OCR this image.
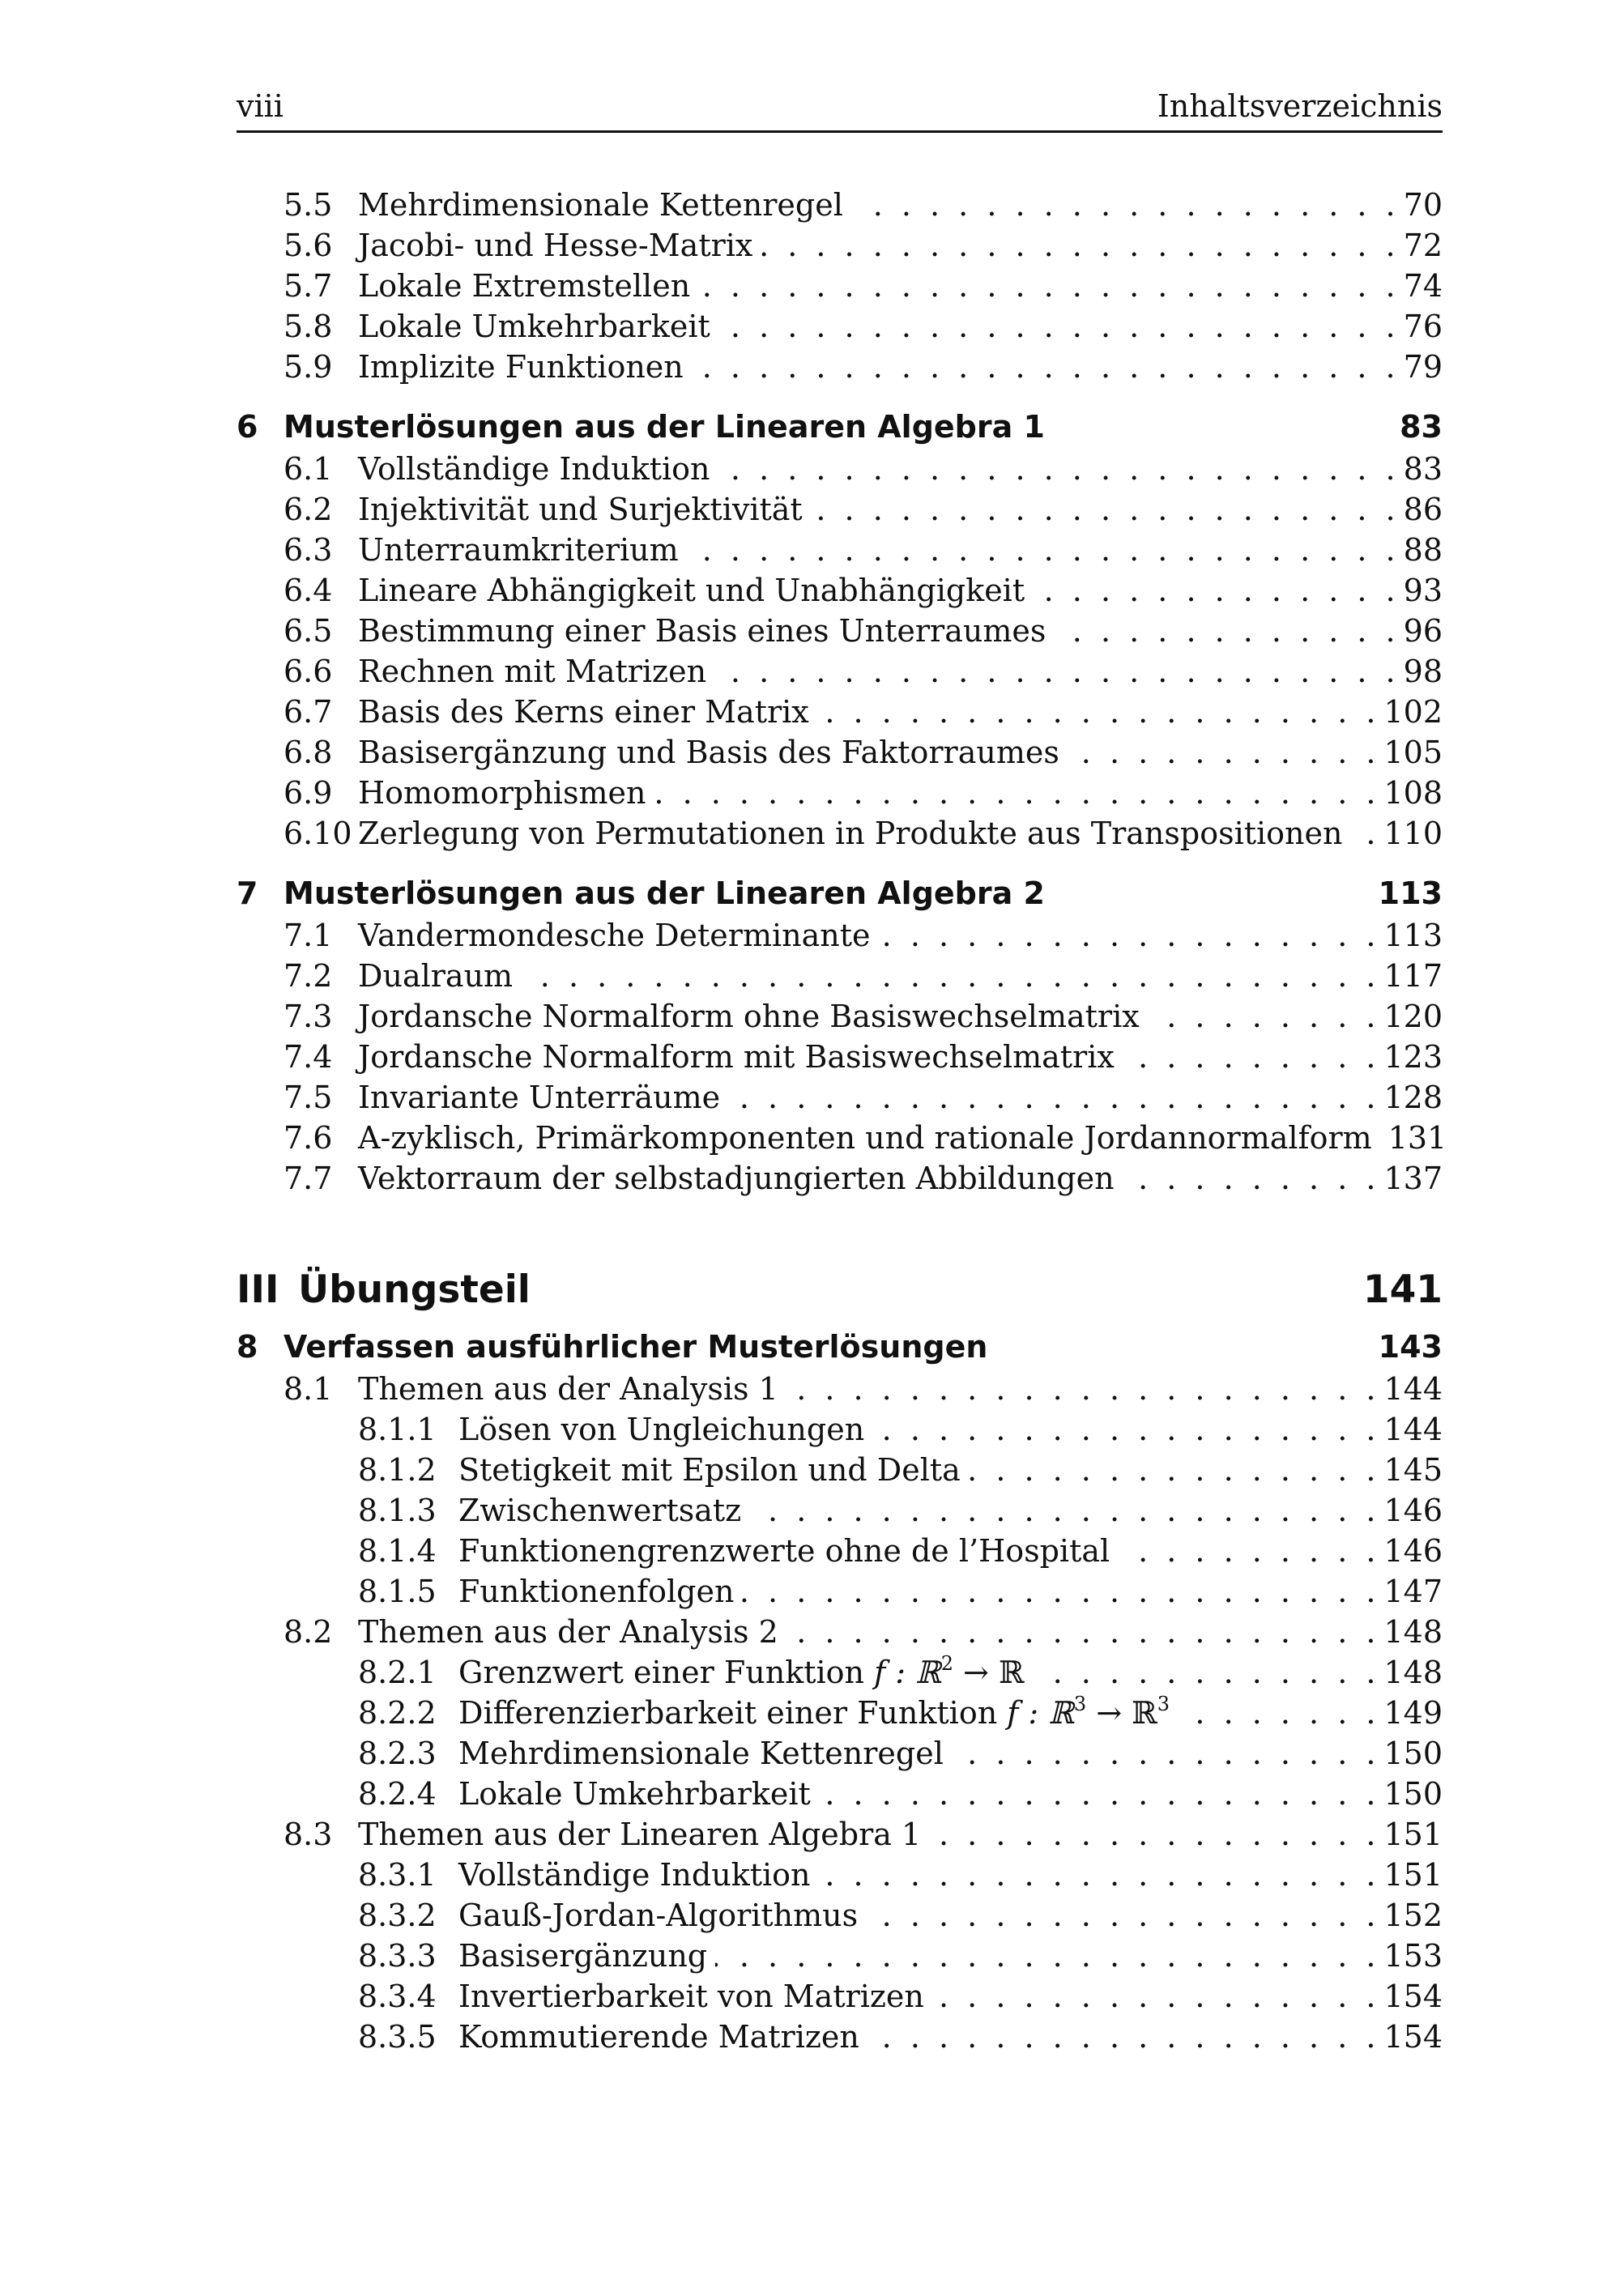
viii	Inhaltsverzeichnis
5.5 Mehrdimensionale Kettenregel . . .	70
5.6 Jacobi- und Hesse-Matrix . . .	72
5.7 Lokale Extremstellen . . .	74
5.8 Lokale Umkehrbarkeit . . .	76
5.9 Implizite Funktionen . . .	79
6 Musterlösungen aus der Linearen Algebra 1	83
6.1 Vollständige Induktion . . .	83
6.2 Injektivität und Surjektivität . . .	86
6.3 Unterraumkriterium . . .	88
6.4 Lineare Abhängigkeit und Unabhängigkeit . . .	93
6.5 Bestimmung einer Basis eines Unterraumes . . .	96
6.6 Rechnen mit Matrizen . . .	98
6.7 Basis des Kerns einer Matrix . . .	102
6.8 Basisergänzung und Basis des Faktorraumes . . .	105
6.9 Homomorphismen . . .	108
6.10 Zerlegung von Permutationen in Produkte aus Transpositionen . . . 110
7 Musterlösungen aus der Linearen Algebra 2	113
7.1 Vandermondesche Determinante . . .	113
7.2 Dualraum . . .	117
7.3 Jordansche Normalform ohne Basiswechselmatrix . . .	120
7.4 Jordansche Normalform mit Basiswechselmatrix . . .	123
7.5 Invariante Unterräume . . .	128
7.6 A-zyklisch, Primärkomponenten und rationale Jordannormalform 131
7.7 Vektorraum der selbstadjungierten Abbildungen . . .	137
III Übungsteil	141
8 Verfassen ausführlicher Musterlösungen	143
8.1 Themen aus der Analysis 1 . . .	144
8.1.1 Lösen von Ungleichungen . . .	144
8.1.2 Stetigkeit mit Epsilon und Delta . . .	145
8.1.3 Zwischenwertsatz . . .	146
8.1.4 Funktionengrenzwerte ohne de l’Hospital . . .	146
8.1.5 Funktionenfolgen . . .	147
8.2 Themen aus der Analysis 2 . . .	148
8.2.1 Grenzwert einer Funktion f : ℝ$^2$ → ℝ . . .	148
8.2.2 Differenzierbarkeit einer Funktion f : ℝ$^3$ → ℝ$^3$ . . .	149
8.2.3 Mehrdimensionale Kettenregel . . .	150
8.2.4 Lokale Umkehrbarkeit . . .	150
8.3 Themen aus der Linearen Algebra 1 . . .	151
8.3.1 Vollständige Induktion . . .	151
8.3.2 Gauß-Jordan-Algorithmus . . .	152
8.3.3 Basisergänzung . . .	153
8.3.4 Invertierbarkeit von Matrizen . . .	154
8.3.5 Kommutierende Matrizen . . .	154
